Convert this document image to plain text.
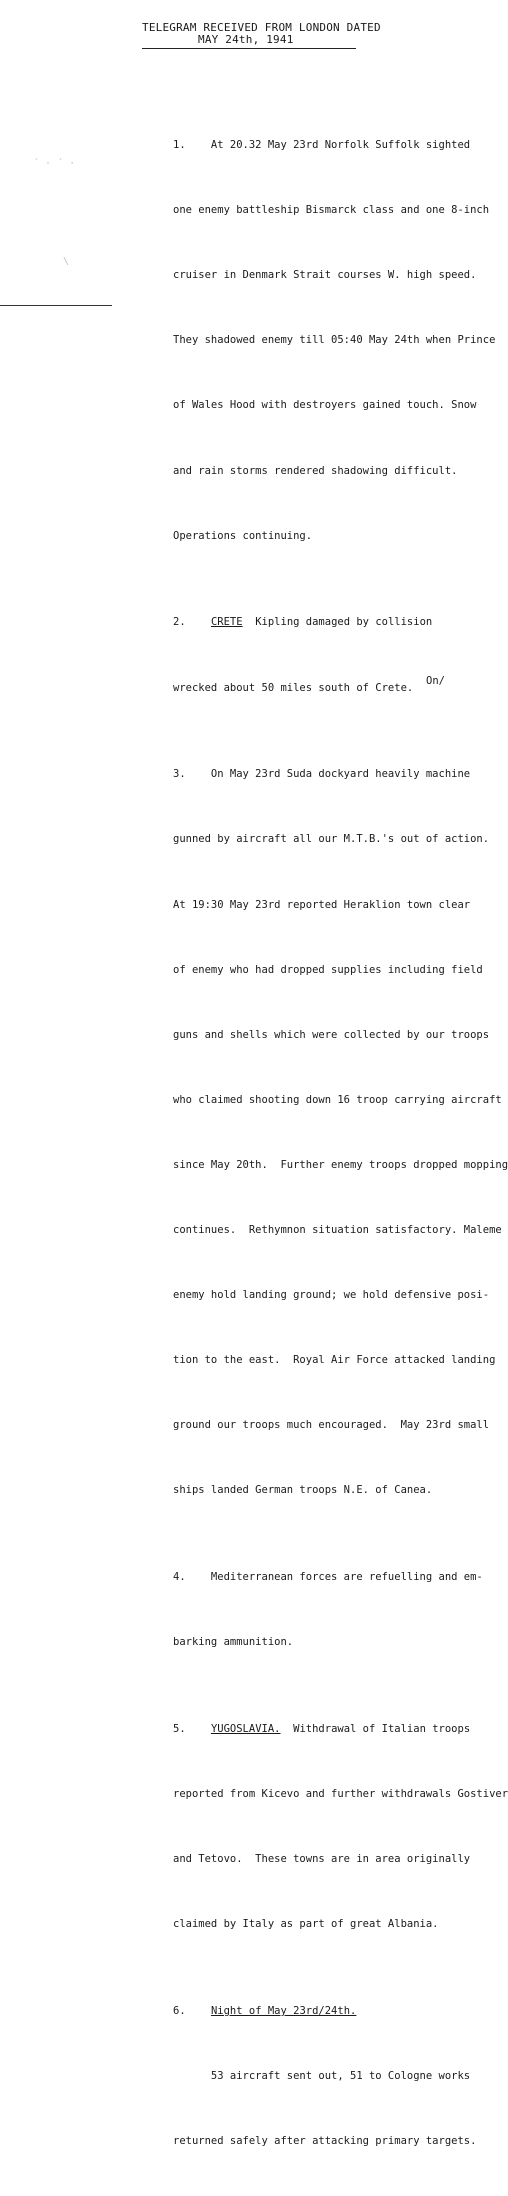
TELEGRAM RECEIVED FROM LONDON DATED
MAY 24th, 1941
´ · ´ ·
\

1.    At 20.32 May 23rd Norfolk Suffolk sighted

one enemy battleship Bismarck class and one 8-inch

cruiser in Denmark Strait courses W. high speed.

They shadowed enemy till 05:40 May 24th when Prince

of Wales Hood with destroyers gained touch. Snow

and rain storms rendered shadowing difficult.

Operations continuing.

2. CRETE  Kipling damaged by collision

wrecked about 50 miles south of Crete.

3.    On May 23rd Suda dockyard heavily machine

gunned by aircraft all our M.T.B.'s out of action.

At 19:30 May 23rd reported Heraklion town clear

of enemy who had dropped supplies including field

guns and shells which were collected by our troops

who claimed shooting down 16 troop carrying aircraft

since May 20th.  Further enemy troops dropped mopping

continues.  Rethymnon situation satisfactory. Maleme

enemy hold landing ground; we hold defensive posi-

tion to the east.  Royal Air Force attacked landing

ground our troops much encouraged.  May 23rd small

ships landed German troops N.E. of Canea.

4.    Mediterranean forces are refuelling and em-

barking ammunition.

5. YUGOSLAVIA.  Withdrawal of Italian troops

reported from Kicevo and further withdrawals Gostiver

and Tetovo.  These towns are in area originally

claimed by Italy as part of great Albania.

6. Night of May 23rd/24th.

53 aircraft sent out, 51 to Cologne works

returned safely after attacking primary targets.

On/
